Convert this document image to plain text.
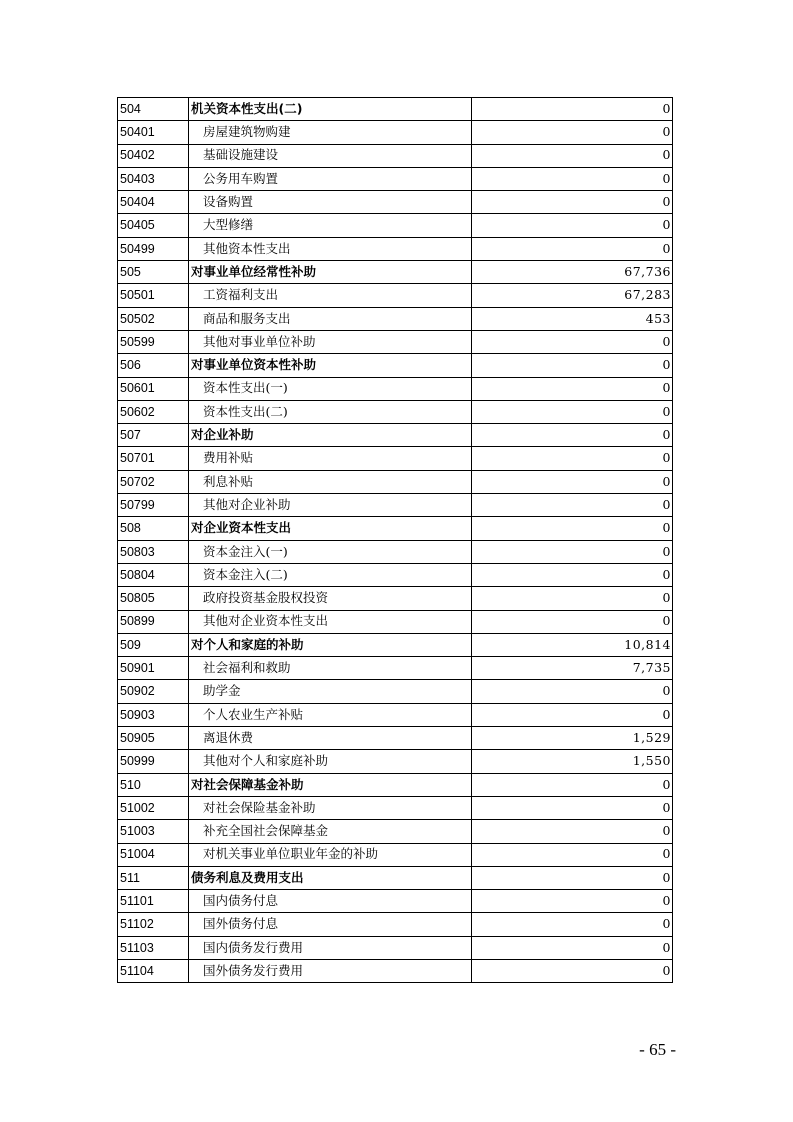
504	机关资本性支出(二)	0
50401	房屋建筑物购建	0
50402	基础设施建设	0
50403	公务用车购置	0
50404	设备购置	0
50405	大型修缮	0
50499	其他资本性支出	0
505	对事业单位经常性补助	67,736
50501	工资福利支出	67,283
50502	商品和服务支出	453
50599	其他对事业单位补助	0
506	对事业单位资本性补助	0
50601	资本性支出(一)	0
50602	资本性支出(二)	0
507	对企业补助	0
50701	费用补贴	0
50702	利息补贴	0
50799	其他对企业补助	0
508	对企业资本性支出	0
50803	资本金注入(一)	0
50804	资本金注入(二)	0
50805	政府投资基金股权投资	0
50899	其他对企业资本性支出	0
509	对个人和家庭的补助	10,814
50901	社会福利和救助	7,735
50902	助学金	0
50903	个人农业生产补贴	0
50905	离退休费	1,529
50999	其他对个人和家庭补助	1,550
510	对社会保障基金补助	0
51002	对社会保险基金补助	0
51003	补充全国社会保障基金	0
51004	对机关事业单位职业年金的补助	0
511	债务利息及费用支出	0
51101	国内债务付息	0
51102	国外债务付息	0
51103	国内债务发行费用	0
51104	国外债务发行费用	0
- 65 -
